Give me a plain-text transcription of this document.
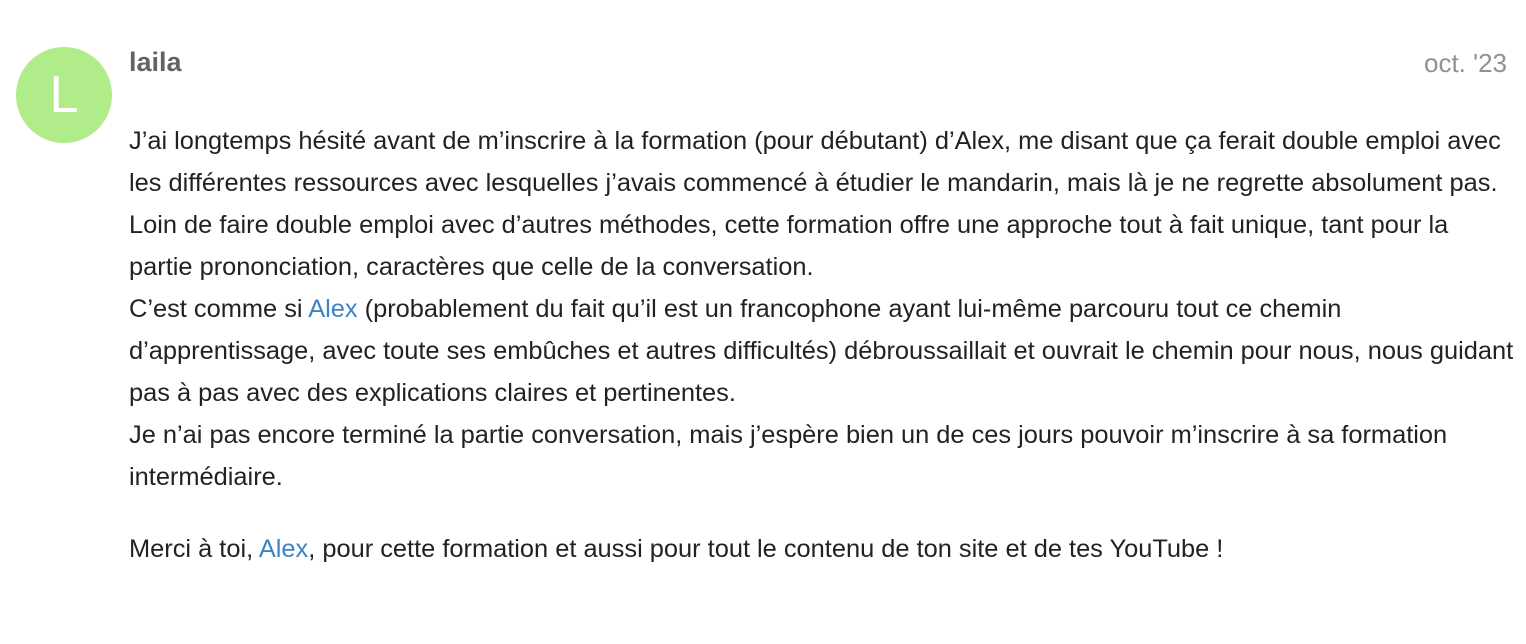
L
laila	oct. '23

J’ai longtemps hésité avant de m’inscrire à la formation (pour débutant) d’Alex, me disant que ça ferait double emploi avec les différentes ressources avec lesquelles j’avais commencé à étudier le mandarin, mais là je ne regrette absolument pas.
Loin de faire double emploi avec d’autres méthodes, cette formation offre une approche tout à fait unique, tant pour la partie prononciation, caractères que celle de la conversation.
C’est comme si Alex (probablement du fait qu’il est un francophone ayant lui-même parcouru tout ce chemin d’apprentissage, avec toute ses embûches et autres difficultés) débroussaillait et ouvrait le chemin pour nous, nous guidant pas à pas avec des explications claires et pertinentes.
Je n’ai pas encore terminé la partie conversation, mais j’espère bien un de ces jours pouvoir m’inscrire à sa formation intermédiaire.

Merci à toi, Alex, pour cette formation et aussi pour tout le contenu de ton site et de tes YouTube !
